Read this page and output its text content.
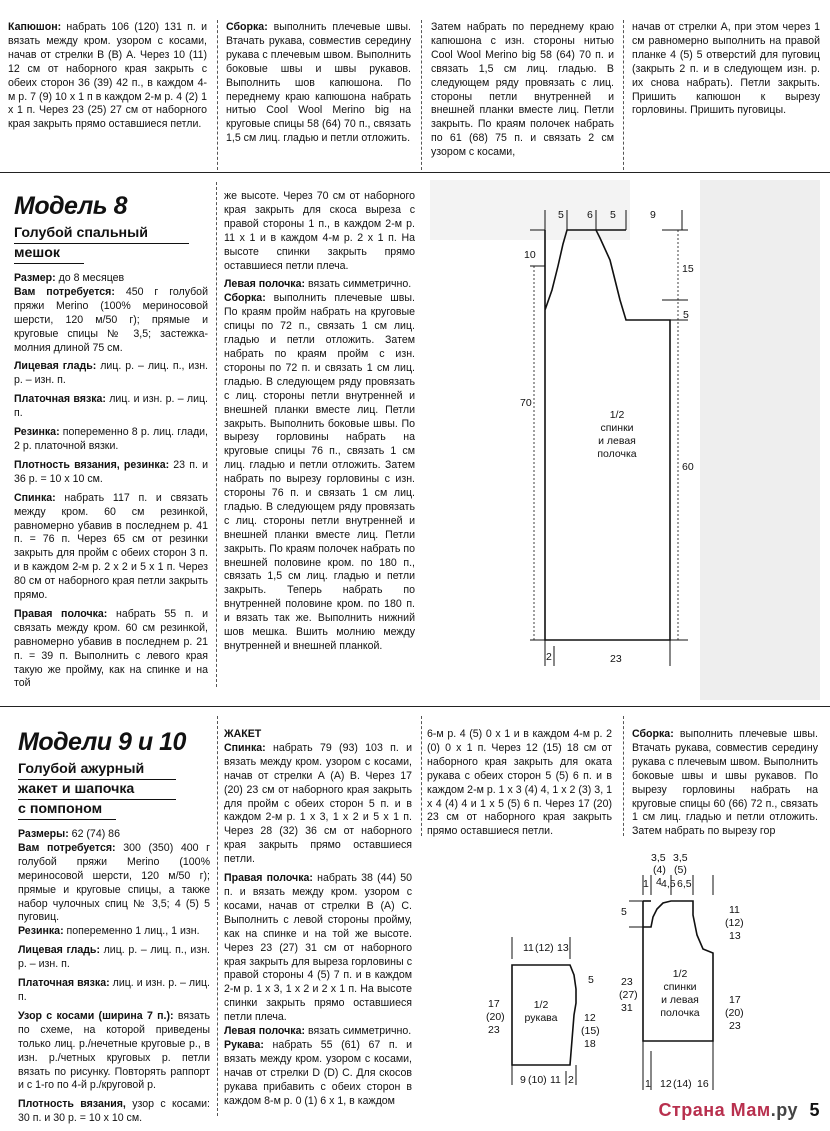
Капюшон: набрать 106 (120) 131 п. и вязать между кром. узором с косами, начав от стрелки В (В) А. Через 10 (11) 12 см от наборного края закрыть с обеих сторон 36 (39) 42 п., в каждом 4-м р. 7 (9) 10 х 1 п в каждом 2-м р. 4 (2) 1 х 1 п. Через 23 (25) 27 см от наборного края закрыть прямо оставшиеся петли.

Сборка: выполнить плечевые швы. Втачать рукава, совместив середину рукава с плечевым швом. Выполнить боковые швы и швы рукавов. Выполнить шов капюшона. По переднему краю капюшона набрать нитью Cool Wool Merino big на круговые спицы 58 (64) 70 п., связать 1,5 см лиц. гладью и петли отложить.

Затем набрать по переднему краю капюшона с изн. стороны нитью Cool Wool Merino big 58 (64) 70 п. и связать 1,5 см лиц. гладью. В следующем ряду провязать с лиц. стороны петли внутренней и внешней планки вместе лиц. Петли закрыть. По краям полочек набрать по 61 (68) 75 п. и связать 2 см узором с косами,

начав от стрелки А, при этом через 1 см равномерно выполнить на правой планке 4 (5) 5 отверстий для пуговиц (закрыть 2 п. и в следующем изн. р. их снова набрать). Петли закрыть. Пришить капюшон к вырезу горловины. Пришить пуговицы.

Модель 8
Голубой спальный
мешок

Размер: до 8 месяцев
Вам потребуется: 450 г голубой пряжи Merino (100% мериносовой шерсти, 120 м/50 г); прямые и круговые спицы № 3,5; застежка-молния длиной 75 см.

Лицевая гладь: лиц. р. – лиц. п., изн. р. – изн. п.

Платочная вязка: лиц. и изн. р. – лиц. п.

Резинка: попеременно 8 р. лиц. глади, 2 р. платочной вязки.

Плотность вязания, резинка: 23 п. и 36 р. = 10 х 10 см.

Спинка: набрать 117 п. и связать между кром. 60 см резинкой, равномерно убавив в последнем р. 41 п. = 76 п. Через 65 см от резинки закрыть для пройм с обеих сторон 3 п. и в каждом 2-м р. 2 х 2 и 5 х 1 п. Через 80 см от наборного края петли закрыть прямо.

Правая полочка: набрать 55 п. и связать между кром. 60 см резинкой, равномерно убавив в последнем р. 21 п. = 39 п. Выполнить с левого края такую же пройму, как на спинке и на той

же высоте. Через 70 см от наборного края закрыть для скоса выреза с правой стороны 1 п., в каждом 2-м р. 11 х 1 и в каждом 4-м р. 2 х 1 п. На высоте спинки закрыть прямо оставшиеся петли плеча.

Левая полочка: вязать симметрично.
Сборка: выполнить плечевые швы. По краям пройм набрать на круговые спицы по 72 п., связать 1 см лиц. гладью и петли отложить. Затем набрать по краям пройм с изн. стороны по 72 п. и связать 1 см лиц. гладью. В следующем ряду провязать с лиц. стороны петли внутренней и внешней планки вместе лиц. Петли закрыть. Выполнить боковые швы. По вырезу горловины набрать на круговые спицы 76 п., связать 1 см лиц. гладью и петли отложить. Затем набрать по вырезу горловины с изн. стороны 76 п. и связать 1 см лиц. гладью. В следующем ряду провязать с лиц. стороны петли внутренней и внешней планки вместе лиц. Петли закрыть. По краям полочек набрать по внешней половине кром. по 180 п., связать 1,5 см лиц. гладью и петли закрыть. Теперь набрать по внутренней половине кром. по 180 п. и вязать так же. Выполнить нижний шов мешка. Вшить молнию между внутренней и внешней планкой.

5 6 5	9
15
5
60
10
70
2	23
1/2
спинки
и левая
полочка
Модели 9 и 10
Голубой ажурный
жакет и шапочка
с помпоном

Размеры: 62 (74) 86
Вам потребуется: 300 (350) 400 г голубой пряжи Merino (100% мериносовой шерсти, 120 м/50 г); прямые и круговые спицы, а также набор чулочных спиц № 3,5; 4 (5) 5 пуговиц.
Резинка: попеременно 1 лиц., 1 изн.

Лицевая гладь: лиц. р. – лиц. п., изн. р. – изн. п.

Платочная вязка: лиц. и изн. р. – лиц. п.

Узор с косами (ширина 7 п.): вязать по схеме, на которой приведены только лиц. р./нечетные круговые р., в изн. р./четных круговых р. петли вязать по рисунку. Повторять раппорт и с 1-го по 4-й р./круговой р.

Плотность вязания, узор с косами: 30 п. и 30 р. = 10 х 10 см.

ЖАКЕТ

Спинка: набрать 79 (93) 103 п. и вязать между кром. узором с косами, начав от стрелки А (А) В. Через 17 (20) 23 см от наборного края закрыть для пройм с обеих сторон 5 п. и в каждом 2-м р. 1 х 3, 1 х 2 и 5 х 1 п. Через 28 (32) 36 см от наборного края закрыть прямо оставшиеся петли.

Правая полочка: набрать 38 (44) 50 п. и вязать между кром. узором с косами, начав от стрелки В (А) С. Выполнить с левой стороны пройму, как на спинке и на той же высоте. Через 23 (27) 31 см от наборного края закрыть для выреза горловины с правой стороны 4 (5) 7 п. и в каждом 2-м р. 1 х 3, 1 х 2 и 2 х 1 п. На высоте спинки закрыть прямо оставшиеся петли плеча.
Левая полочка: вязать симметрично.
Рукава: набрать 55 (61) 67 п. и вязать между кром. узором с косами, начав от стрелки D (D) C. Для скосов рукава прибавить с обеих сторон в каждом 8-м р. 0 (1) 6 х 1, в каждом

6-м р. 4 (5) 0 х 1 и в каждом 4-м р. 2 (0) 0 х 1 п. Через 12 (15) 18 см от наборного края закрыть для оката рукава с обеих сторон 5 (5) 6 п. и в каждом 2-м р. 1 х 3 (4) 4, 1 х 2 (3) 3, 1 х 4 (4) 4 и 1 х 5 (5) 6 п. Через 17 (20) 23 см от наборного края закрыть прямо оставшиеся петли.

Сборка: выполнить плечевые швы. Втачать рукава, совместив середину рукава с плечевым швом. Выполнить боковые швы и швы рукавов. По вырезу горловины набрать на круговые спицы 60 (66) 72 п., связать 1 см лиц. гладью и петли отложить. Затем набрать по вырезу гор

11 (12) 13
1/2
рукава
17
(20)
23
5
12
(15)
18
9 (10) 11 2
3,5 3,5
(4) (5)
4
1 4,5 6,5
5
23
(27)
31
11
(12)
13
17
(20)
23
1/2
спинки
и левая
полочка
1 12 (14) 16
Страна Мам.ру 5
